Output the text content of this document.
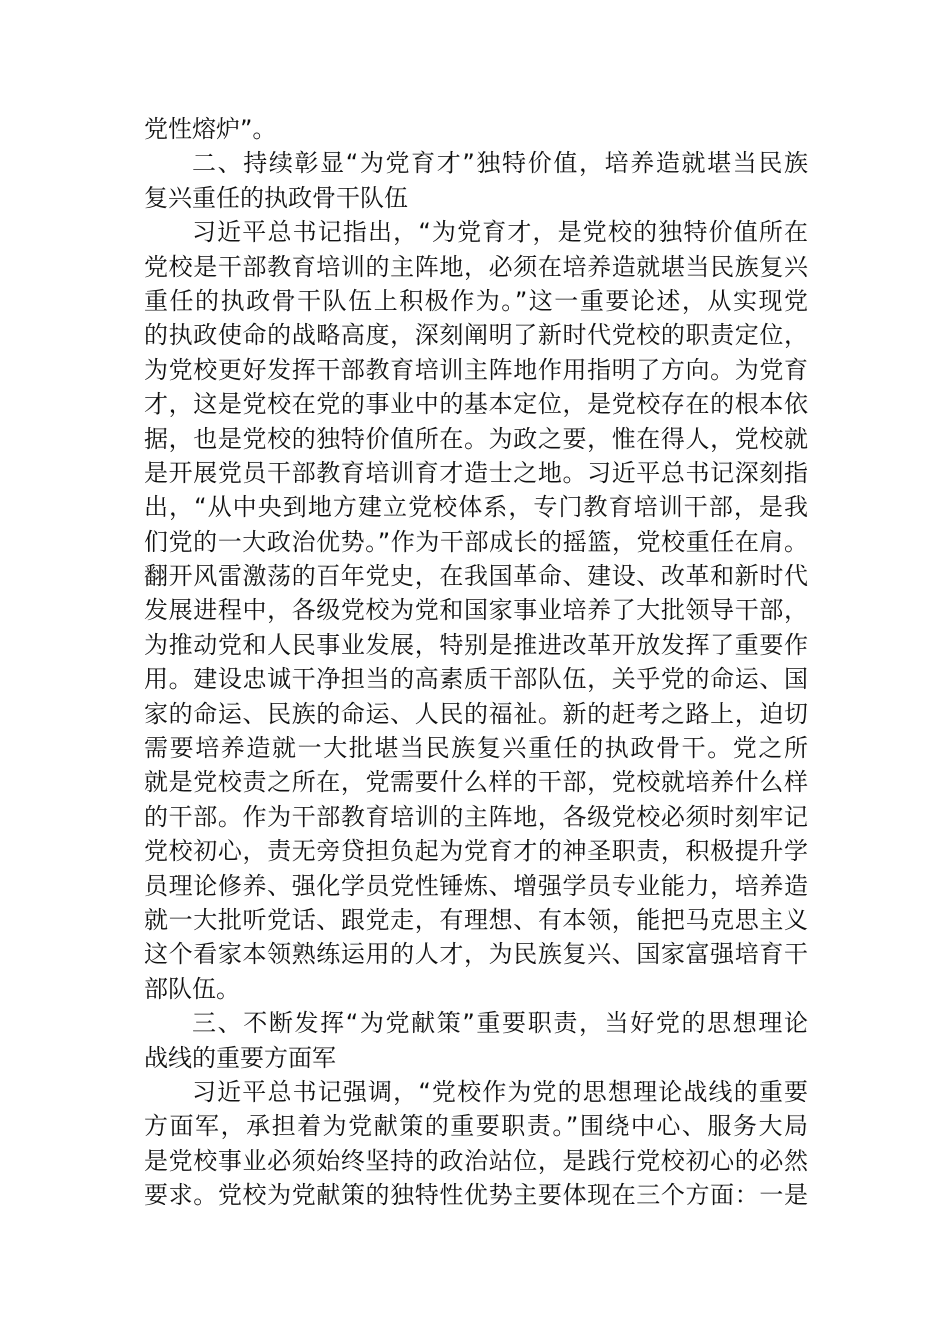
党性熔炉”。
二、持续彰显“为党育才”独特价值，培养造就堪当民族
复兴重任的执政骨干队伍
习近平总书记指出，“为党育才，是党校的独特价值所在
党校是干部教育培训的主阵地，必须在培养造就堪当民族复兴
重任的执政骨干队伍上积极作为。”这一重要论述，从实现党
的执政使命的战略高度，深刻阐明了新时代党校的职责定位，
为党校更好发挥干部教育培训主阵地作用指明了方向。为党育
才，这是党校在党的事业中的基本定位，是党校存在的根本依
据，也是党校的独特价值所在。为政之要，惟在得人，党校就
是开展党员干部教育培训育才造士之地。习近平总书记深刻指
出，“从中央到地方建立党校体系，专门教育培训干部，是我
们党的一大政治优势。”作为干部成长的摇篮，党校重任在肩。
翻开风雷激荡的百年党史，在我国革命、建设、改革和新时代
发展进程中，各级党校为党和国家事业培养了大批领导干部，
为推动党和人民事业发展，特别是推进改革开放发挥了重要作
用。建设忠诚干净担当的高素质干部队伍，关乎党的命运、国
家的命运、民族的命运、人民的福祉。新的赶考之路上，迫切
需要培养造就一大批堪当民族复兴重任的执政骨干。党之所
就是党校责之所在，党需要什么样的干部，党校就培养什么样
的干部。作为干部教育培训的主阵地，各级党校必须时刻牢记
党校初心，责无旁贷担负起为党育才的神圣职责，积极提升学
员理论修养、强化学员党性锤炼、增强学员专业能力，培养造
就一大批听党话、跟党走，有理想、有本领，能把马克思主义
这个看家本领熟练运用的人才，为民族复兴、国家富强培育干
部队伍。
三、不断发挥“为党献策”重要职责，当好党的思想理论
战线的重要方面军
习近平总书记强调，“党校作为党的思想理论战线的重要
方面军，承担着为党献策的重要职责。”围绕中心、服务大局
是党校事业必须始终坚持的政治站位，是践行党校初心的必然
要求。党校为党献策的独特性优势主要体现在三个方面：一是
